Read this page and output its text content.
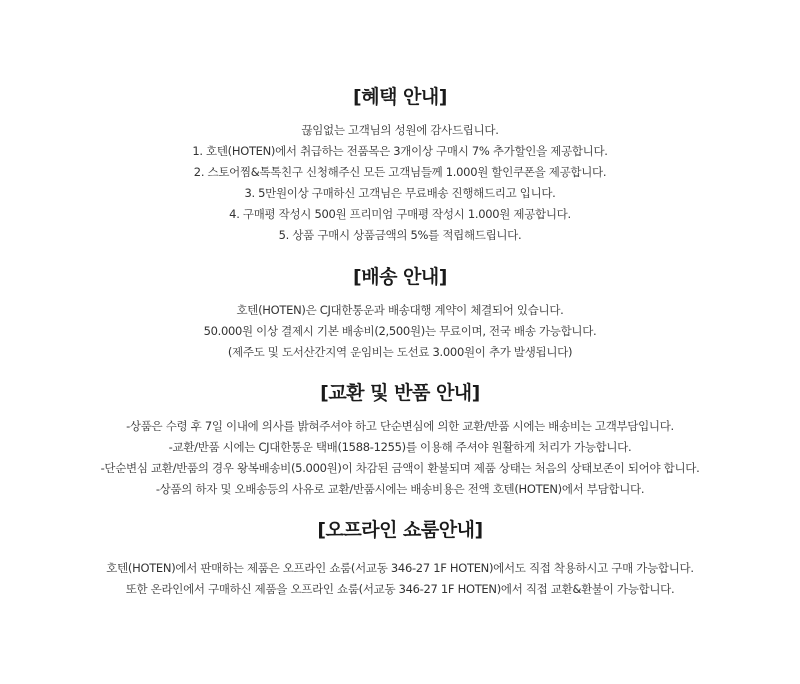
[혜택 안내]
끊임없는 고객님의 성원에 감사드립니다.
1. 호텐(HOTEN)에서 취급하는 전품목은 3개이상 구매시 7% 추가할인을 제공합니다.
2. 스토어찜&톡톡친구 신청해주신 모든 고객님들께 1.000원 할인쿠폰을 제공합니다.
3. 5만원이상 구매하신 고객님은 무료배송 진행해드리고 입니다.
4. 구매평 작성시 500원 프리미엄 구매평 작성시 1.000원 제공합니다.
5. 상품 구매시 상품금액의 5%를 적립해드립니다.
[배송 안내]
호텐(HOTEN)은 CJ대한통운과 배송대행 계약이 체결되어 있습니다.
50.000원 이상 결제시 기본 배송비(2,500원)는 무료이며, 전국 배송 가능합니다.
(제주도 및 도서산간지역 운임비는 도선료 3.000원이 추가 발생됩니다)
[교환 및 반품 안내]
-상품은 수령 후 7일 이내에 의사를 밝혀주셔야 하고 단순변심에 의한 교환/반품 시에는 배송비는 고객부담입니다.
-교환/반품 시에는 CJ대한통운 택배(1588-1255)를 이용해 주셔야 원활하게 처리가 가능합니다.
-단순변심 교환/반품의 경우 왕복배송비(5.000원)이 차감된 금액이 환불되며 제품 상태는 처음의 상태보존이 되어야 합니다.
-상품의 하자 및 오배송등의 사유로 교환/반품시에는 배송비용은 전액 호텐(HOTEN)에서 부담합니다.
[오프라인 쇼룸안내]
호텐(HOTEN)에서 판매하는 제품은 오프라인 쇼룸(서교동 346-27 1F HOTEN)에서도 직접 착용하시고 구매 가능합니다.
또한 온라인에서 구매하신 제품을 오프라인 쇼룸(서교동 346-27 1F HOTEN)에서 직접 교환&환불이 가능합니다.
